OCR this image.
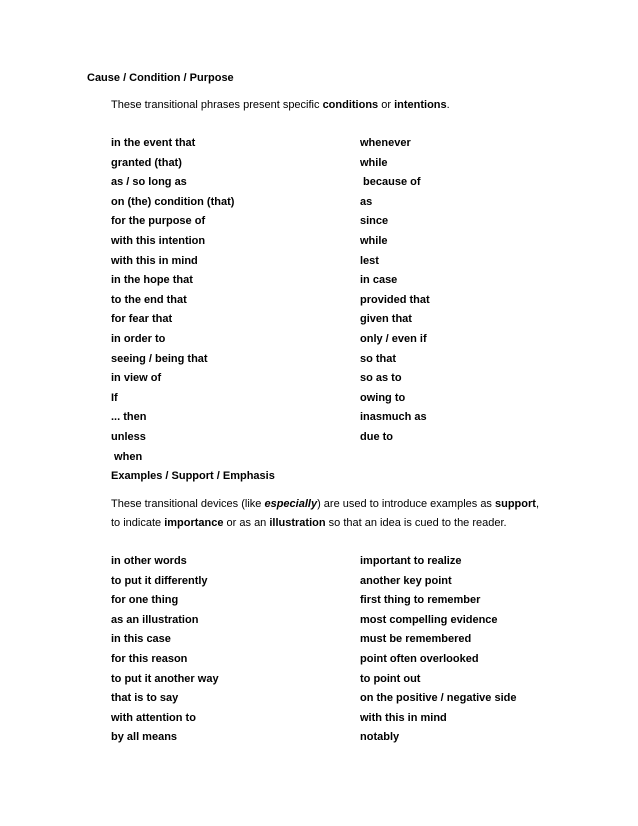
Cause / Condition / Purpose
These transitional phrases present specific conditions or intentions.
in the event that
granted (that)
as / so long as
on (the) condition (that)
for the purpose of
with this intention
with this in mind
in the hope that
to the end that
for fear that
in order to
seeing / being that
in view of
If
... then
unless
when
whenever
while
because of
as
since
while
lest
in case
provided that
given that
only / even if
so that
so as to
owing to
inasmuch as
due to
Examples / Support / Emphasis
These transitional devices (like especially) are used to introduce examples as support, to indicate importance or as an illustration so that an idea is cued to the reader.
in other words
to put it differently
for one thing
as an illustration
in this case
for this reason
to put it another way
that is to say
with attention to
by all means
important to realize
another key point
first thing to remember
most compelling evidence
must be remembered
point often overlooked
to point out
on the positive / negative side
with this in mind
notably
